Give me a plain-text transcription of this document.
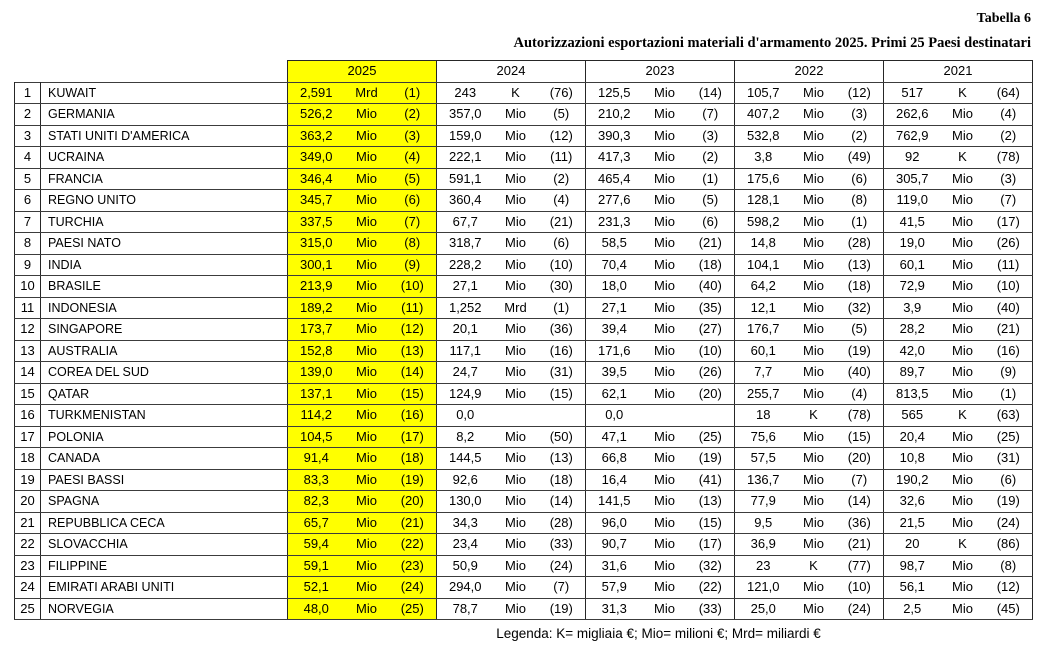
Tabella 6
Autorizzazioni esportazioni materiali d'armamento 2025. Primi 25 Paesi destinatari
		2025			2024			2023			2022			2021		
1	KUWAIT	2,591	Mrd	(1)	243	K	(76)	125,5	Mio	(14)	105,7	Mio	(12)	517	K	(64)
2	GERMANIA	526,2	Mio	(2)	357,0	Mio	(5)	210,2	Mio	(7)	407,2	Mio	(3)	262,6	Mio	(4)
3	STATI UNITI D'AMERICA	363,2	Mio	(3)	159,0	Mio	(12)	390,3	Mio	(3)	532,8	Mio	(2)	762,9	Mio	(2)
4	UCRAINA	349,0	Mio	(4)	222,1	Mio	(11)	417,3	Mio	(2)	3,8	Mio	(49)	92	K	(78)
5	FRANCIA	346,4	Mio	(5)	591,1	Mio	(2)	465,4	Mio	(1)	175,6	Mio	(6)	305,7	Mio	(3)
6	REGNO UNITO	345,7	Mio	(6)	360,4	Mio	(4)	277,6	Mio	(5)	128,1	Mio	(8)	119,0	Mio	(7)
7	TURCHIA	337,5	Mio	(7)	67,7	Mio	(21)	231,3	Mio	(6)	598,2	Mio	(1)	41,5	Mio	(17)
8	PAESI NATO	315,0	Mio	(8)	318,7	Mio	(6)	58,5	Mio	(21)	14,8	Mio	(28)	19,0	Mio	(26)
9	INDIA	300,1	Mio	(9)	228,2	Mio	(10)	70,4	Mio	(18)	104,1	Mio	(13)	60,1	Mio	(11)
10	BRASILE	213,9	Mio	(10)	27,1	Mio	(30)	18,0	Mio	(40)	64,2	Mio	(18)	72,9	Mio	(10)
11	INDONESIA	189,2	Mio	(11)	1,252	Mrd	(1)	27,1	Mio	(35)	12,1	Mio	(32)	3,9	Mio	(40)
12	SINGAPORE	173,7	Mio	(12)	20,1	Mio	(36)	39,4	Mio	(27)	176,7	Mio	(5)	28,2	Mio	(21)
13	AUSTRALIA	152,8	Mio	(13)	117,1	Mio	(16)	171,6	Mio	(10)	60,1	Mio	(19)	42,0	Mio	(16)
14	COREA DEL SUD	139,0	Mio	(14)	24,7	Mio	(31)	39,5	Mio	(26)	7,7	Mio	(40)	89,7	Mio	(9)
15	QATAR	137,1	Mio	(15)	124,9	Mio	(15)	62,1	Mio	(20)	255,7	Mio	(4)	813,5	Mio	(1)
16	TURKMENISTAN	114,2	Mio	(16)	0,0			0,0			18	K	(78)	565	K	(63)
17	POLONIA	104,5	Mio	(17)	8,2	Mio	(50)	47,1	Mio	(25)	75,6	Mio	(15)	20,4	Mio	(25)
18	CANADA	91,4	Mio	(18)	144,5	Mio	(13)	66,8	Mio	(19)	57,5	Mio	(20)	10,8	Mio	(31)
19	PAESI BASSI	83,3	Mio	(19)	92,6	Mio	(18)	16,4	Mio	(41)	136,7	Mio	(7)	190,2	Mio	(6)
20	SPAGNA	82,3	Mio	(20)	130,0	Mio	(14)	141,5	Mio	(13)	77,9	Mio	(14)	32,6	Mio	(19)
21	REPUBBLICA CECA	65,7	Mio	(21)	34,3	Mio	(28)	96,0	Mio	(15)	9,5	Mio	(36)	21,5	Mio	(24)
22	SLOVACCHIA	59,4	Mio	(22)	23,4	Mio	(33)	90,7	Mio	(17)	36,9	Mio	(21)	20	K	(86)
23	FILIPPINE	59,1	Mio	(23)	50,9	Mio	(24)	31,6	Mio	(32)	23	K	(77)	98,7	Mio	(8)
24	EMIRATI ARABI UNITI	52,1	Mio	(24)	294,0	Mio	(7)	57,9	Mio	(22)	121,0	Mio	(10)	56,1	Mio	(12)
25	NORVEGIA	48,0	Mio	(25)	78,7	Mio	(19)	31,3	Mio	(33)	25,0	Mio	(24)	2,5	Mio	(45)
Legenda: K= migliaia €; Mio= milioni €; Mrd= miliardi €
